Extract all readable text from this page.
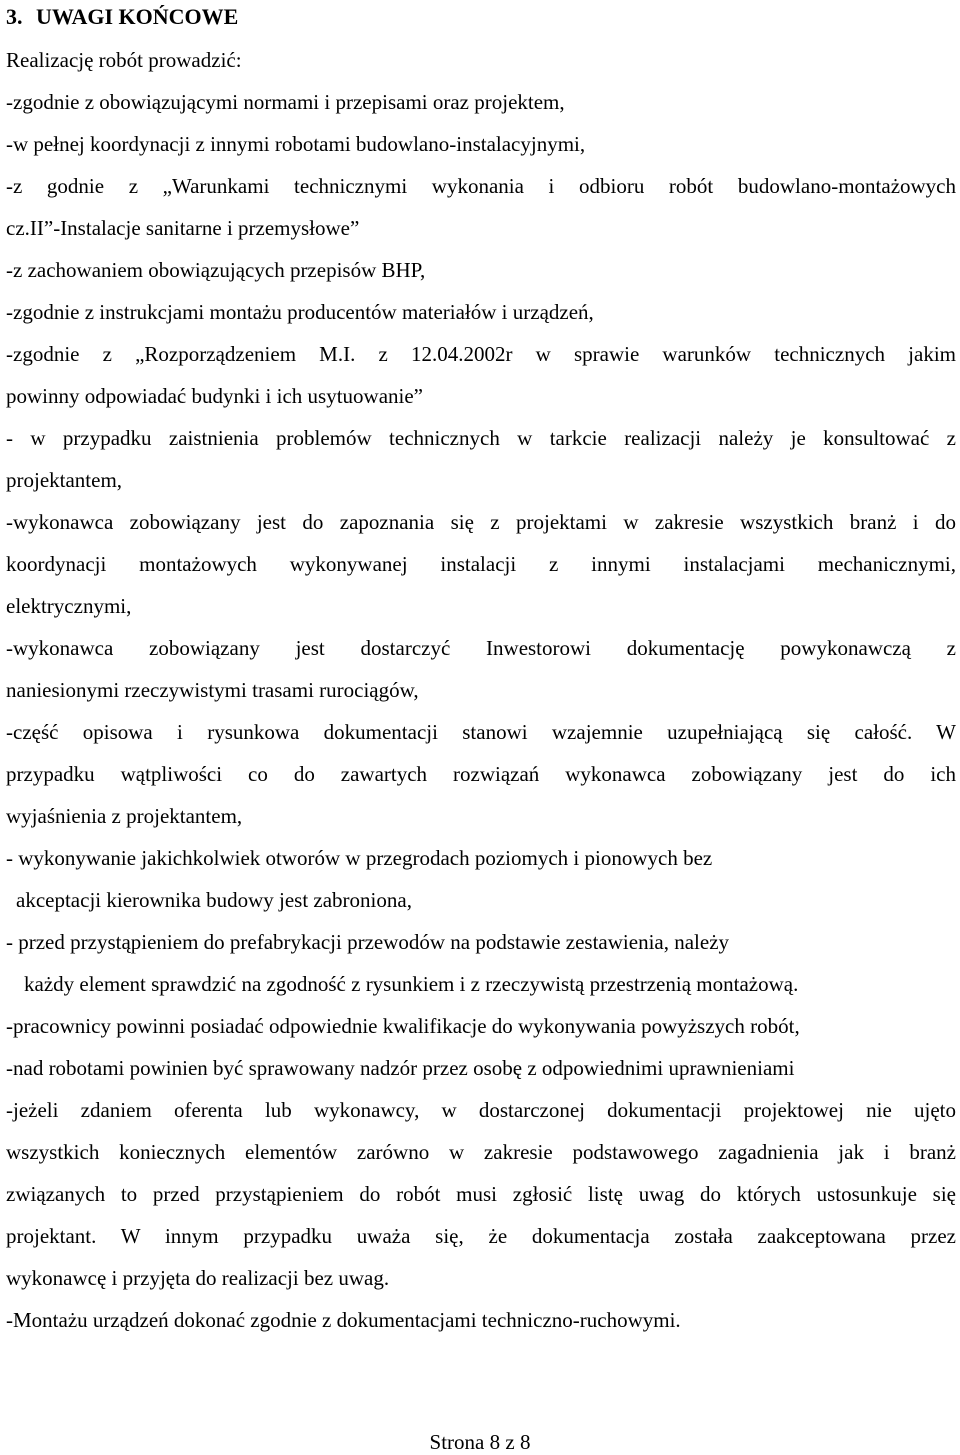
3. UWAGI KOŃCOWE
Realizację robót prowadzić:
-zgodnie z obowiązującymi normami i przepisami oraz projektem,
-w pełnej koordynacji z innymi robotami budowlano-instalacyjnymi,
-z godnie z „Warunkami technicznymi wykonania i odbioru robót budowlano-montażowych
cz.II”-Instalacje sanitarne i przemysłowe”
-z zachowaniem obowiązujących przepisów BHP,
-zgodnie z instrukcjami montażu producentów materiałów i urządzeń,
-zgodnie z „Rozporządzeniem M.I. z 12.04.2002r w sprawie warunków technicznych jakim
powinny odpowiadać budynki i ich usytuowanie”
- w przypadku zaistnienia problemów technicznych w tarkcie realizacji należy je konsultować z
projektantem,
-wykonawca zobowiązany jest do zapoznania się z projektami w zakresie wszystkich branż i do
koordynacji montażowych wykonywanej instalacji z innymi instalacjami mechanicznymi,
elektrycznymi,
-wykonawca zobowiązany jest dostarczyć Inwestorowi dokumentację powykonawczą z
naniesionymi rzeczywistymi trasami rurociągów,
-część opisowa i rysunkowa dokumentacji stanowi wzajemnie uzupełniającą się całość. W
przypadku wątpliwości co do zawartych rozwiązań wykonawca zobowiązany jest do ich
wyjaśnienia z projektantem,
- wykonywanie jakichkolwiek otworów w przegrodach poziomych i pionowych bez
akceptacji kierownika budowy jest zabroniona,
- przed przystąpieniem do prefabrykacji przewodów na podstawie zestawienia, należy
każdy element sprawdzić na zgodność z rysunkiem i z rzeczywistą przestrzenią montażową.
-pracownicy powinni posiadać odpowiednie kwalifikacje do wykonywania powyższych robót,
-nad robotami powinien być sprawowany nadzór przez osobę z odpowiednimi uprawnieniami
-jeżeli zdaniem oferenta lub wykonawcy, w dostarczonej dokumentacji projektowej nie ujęto
wszystkich koniecznych elementów zarówno w zakresie podstawowego zagadnienia jak i branż
związanych to przed przystąpieniem do robót musi zgłosić listę uwag do których ustosunkuje się
projektant. W innym przypadku uważa się, że dokumentacja została zaakceptowana przez
wykonawcę i przyjęta do realizacji bez uwag.
-Montażu urządzeń dokonać zgodnie z dokumentacjami techniczno-ruchowymi.
Strona 8 z 8
